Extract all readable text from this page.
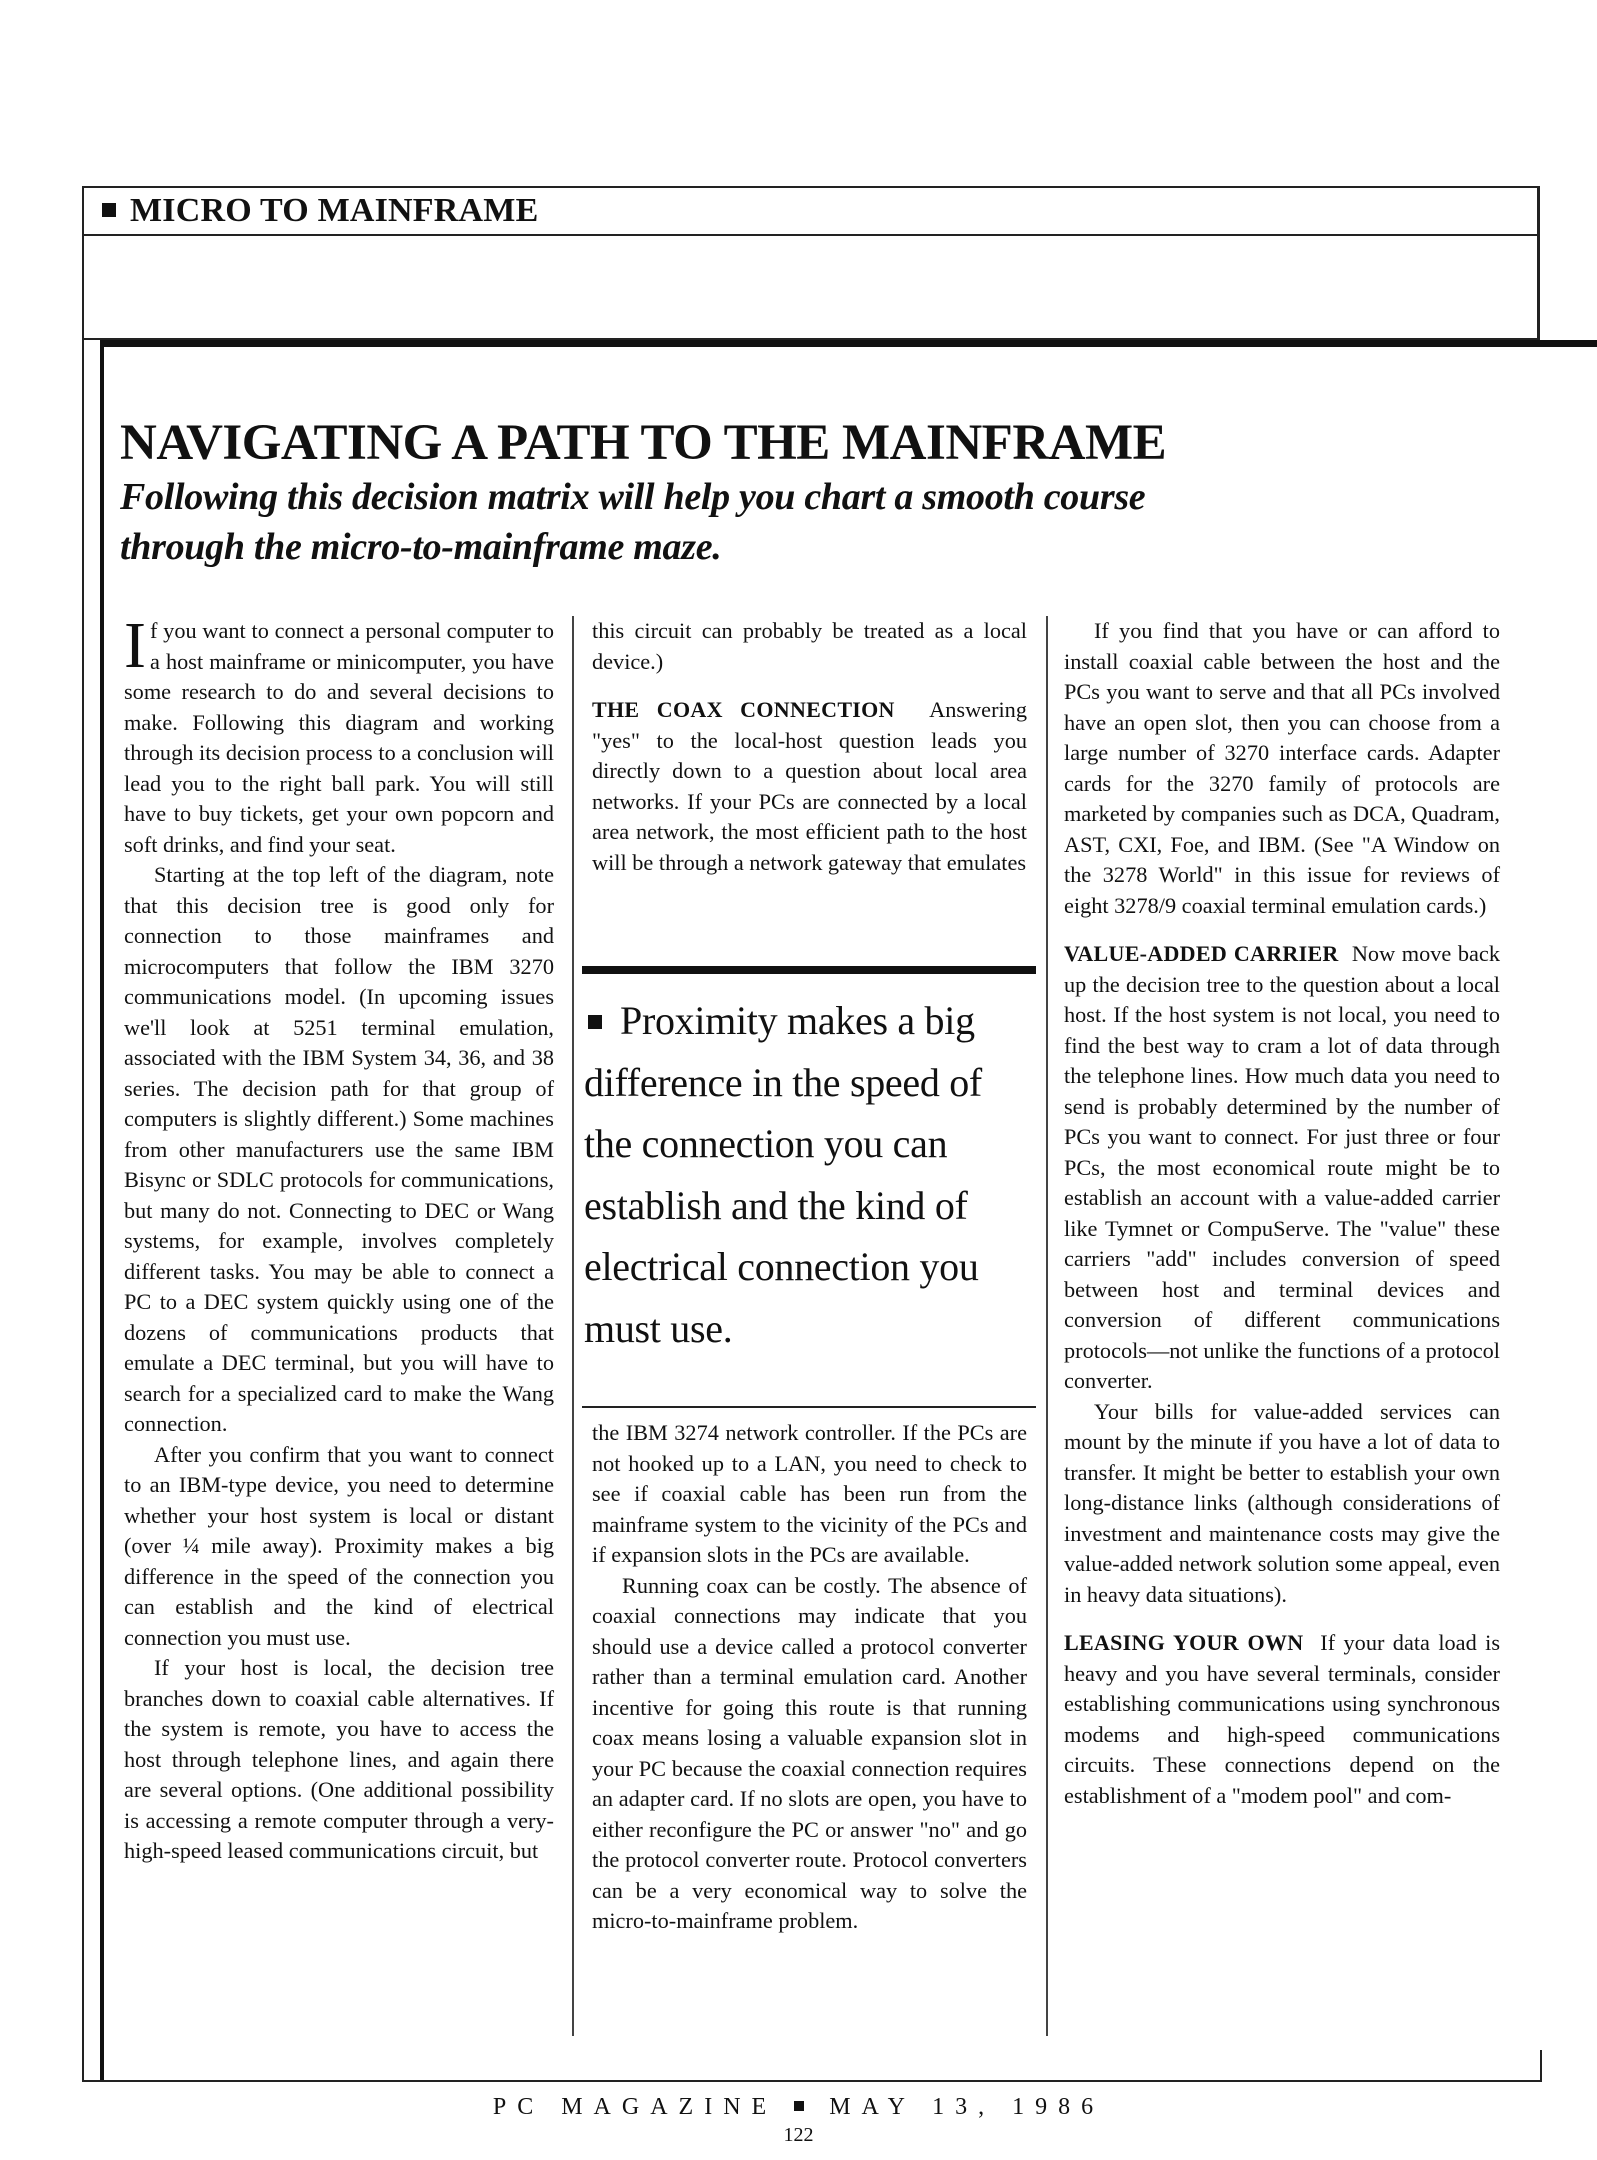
MICRO TO MAINFRAME
NAVIGATING A PATH TO THE MAINFRAME
Following this decision matrix will help you chart a smooth course through the micro-to-mainframe maze.

If you want to connect a personal computer to a host mainframe or minicomputer, you have some research to do and several decisions to make. Following this diagram and working through its decision process to a conclusion will lead you to the right ball park. You will still have to buy tickets, get your own popcorn and soft drinks, and find your seat.

Starting at the top left of the diagram, note that this decision tree is good only for connection to those mainframes and microcomputers that follow the IBM 3270 communications model. (In upcoming issues we'll look at 5251 terminal emulation, associated with the IBM System 34, 36, and 38 series. The decision path for that group of computers is slightly different.) Some machines from other manufacturers use the same IBM Bisync or SDLC protocols for communications, but many do not. Connecting to DEC or Wang systems, for example, involves completely different tasks. You may be able to connect a PC to a DEC system quickly using one of the dozens of communications products that emulate a DEC terminal, but you will have to search for a specialized card to make the Wang connection.

After you confirm that you want to connect to an IBM-type device, you need to determine whether your host system is local or distant (over ¼ mile away). Proximity makes a big difference in the speed of the connection you can establish and the kind of electrical connection you must use.

If your host is local, the decision tree branches down to coaxial cable alternatives. If the system is remote, you have to access the host through telephone lines, and again there are several options. (One additional possibility is accessing a remote computer through a very-high-speed leased communications circuit, but

this circuit can probably be treated as a local device.)

THE COAX CONNECTION Answering "yes" to the local-host question leads you directly down to a question about local area networks. If your PCs are connected by a local area network, the most efficient path to the host will be through a network gateway that emulates

Proximity makes a big difference in the speed of the connection you can establish and the kind of electrical connection you must use.

the IBM 3274 network controller. If the PCs are not hooked up to a LAN, you need to check to see if coaxial cable has been run from the mainframe system to the vicinity of the PCs and if expansion slots in the PCs are available.

Running coax can be costly. The absence of coaxial connections may indicate that you should use a device called a protocol converter rather than a terminal emulation card. Another incentive for going this route is that running coax means losing a valuable expansion slot in your PC because the coaxial connection requires an adapter card. If no slots are open, you have to either reconfigure the PC or answer "no" and go the protocol converter route. Protocol converters can be a very economical way to solve the micro-to-mainframe problem.

If you find that you have or can afford to install coaxial cable between the host and the PCs you want to serve and that all PCs involved have an open slot, then you can choose from a large number of 3270 interface cards. Adapter cards for the 3270 family of protocols are marketed by companies such as DCA, Quadram, AST, CXI, Foe, and IBM. (See "A Window on the 3278 World" in this issue for reviews of eight 3278/9 coaxial terminal emulation cards.)

VALUE-ADDED CARRIER Now move back up the decision tree to the question about a local host. If the host system is not local, you need to find the best way to cram a lot of data through the telephone lines. How much data you need to send is probably determined by the number of PCs you want to connect. For just three or four PCs, the most economical route might be to establish an account with a value-added carrier like Tymnet or CompuServe. The "value" these carriers "add" includes conversion of speed between host and terminal devices and conversion of different communications protocols—not unlike the functions of a protocol converter.

Your bills for value-added services can mount by the minute if you have a lot of data to transfer. It might be better to establish your own long-distance links (although considerations of investment and maintenance costs may give the value-added network solution some appeal, even in heavy data situations).

LEASING YOUR OWN If your data load is heavy and you have several terminals, consider establishing communications using synchronous modems and high-speed communications circuits. These connections depend on the establishment of a "modem pool" and com-

PC MAGAZINE MAY 13, 1986
122
